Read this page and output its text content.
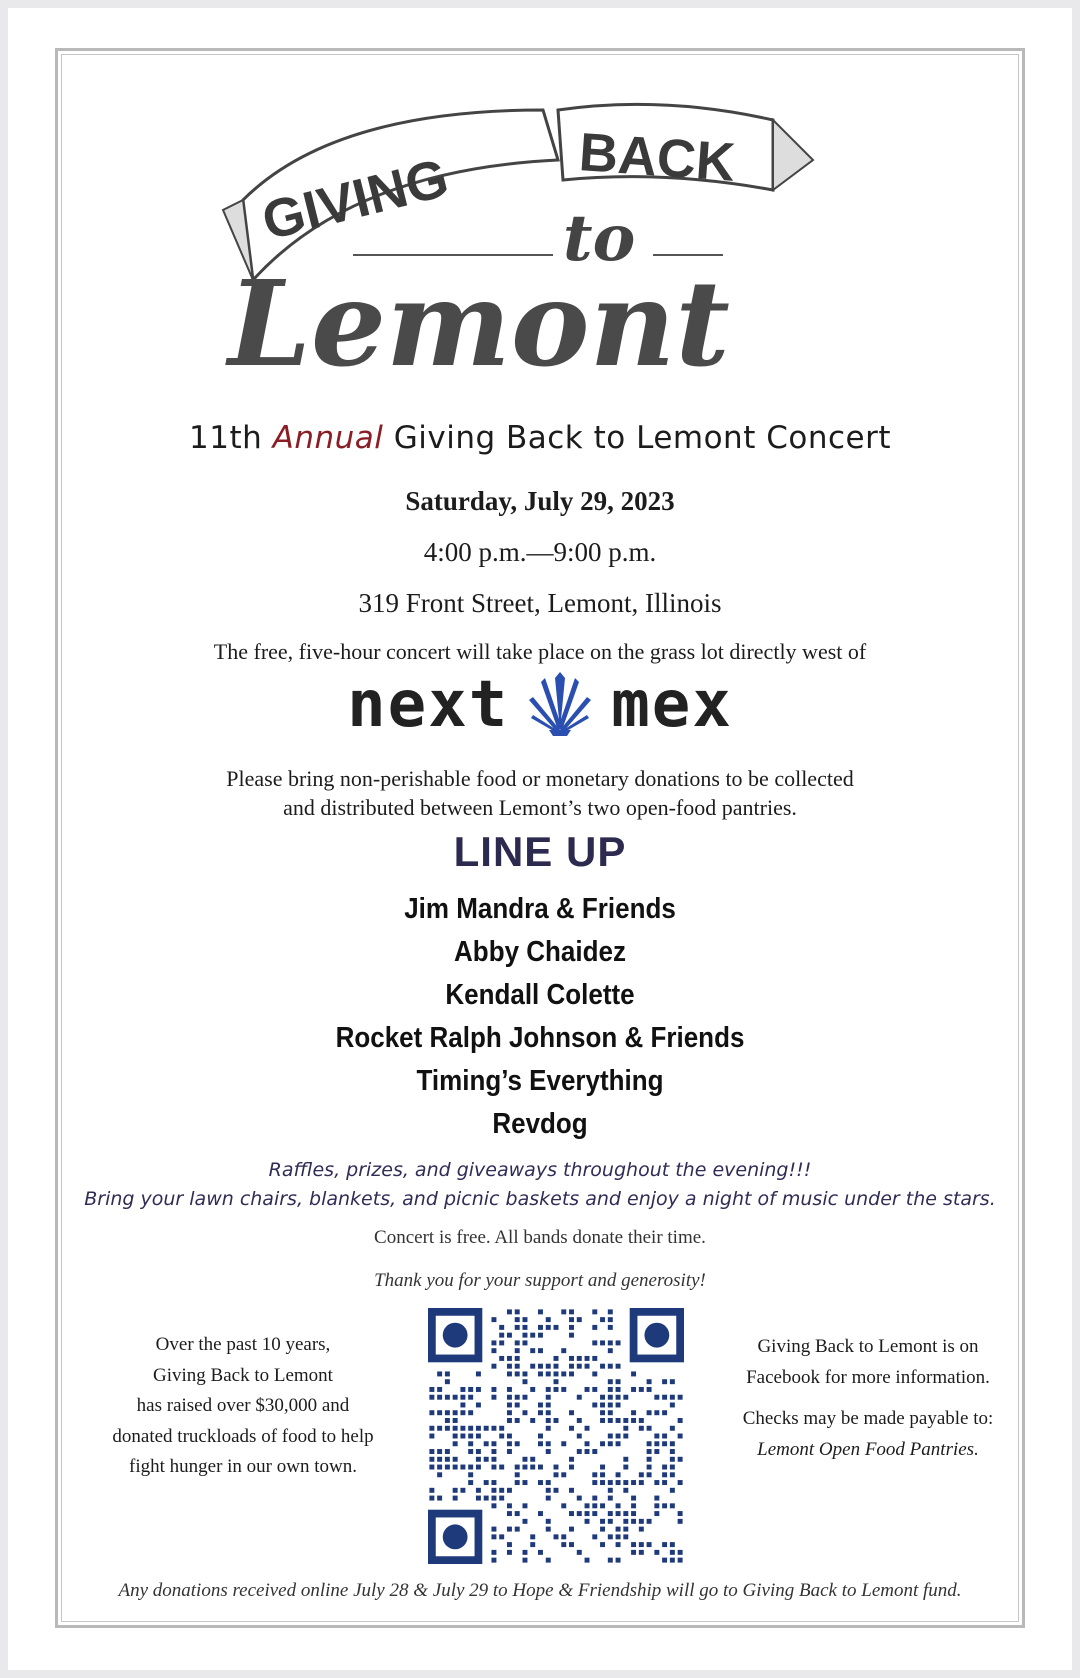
GIVING BACK
to
Lemont
11th Annual Giving Back to Lemont Concert
Saturday, July 29, 2023
4:00 p.m.—9:00 p.m.
319 Front Street, Lemont, Illinois
The free, five-hour concert will take place on the grass lot directly west of
next mex
Please bring non-perishable food or monetary donations to be collected
and distributed between Lemont’s two open-food pantries.
LINE UP
Jim Mandra & Friends
Abby Chaidez
Kendall Colette
Rocket Ralph Johnson & Friends
Timing’s Everything
Revdog
Raffles, prizes, and giveaways throughout the evening!!!
Bring your lawn chairs, blankets, and picnic baskets and enjoy a night of music under the stars.
Concert is free. All bands donate their time.
Thank you for your support and generosity!
Over the past 10 years,
Giving Back to Lemont
has raised over $30,000 and
donated truckloads of food to help
fight hunger in our own town.
Giving Back to Lemont is on
Facebook for more information.
Checks may be made payable to:
Lemont Open Food Pantries.
Any donations received online July 28 & July 29 to Hope & Friendship will go to Giving Back to Lemont fund.
